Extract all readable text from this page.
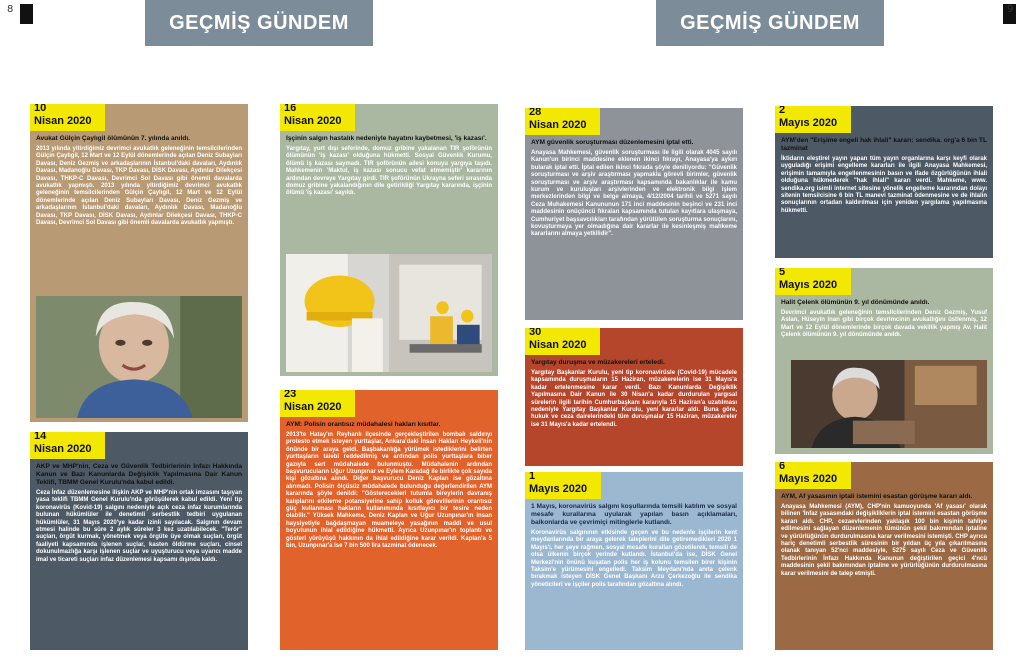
8	9
GEÇMİŞ GÜNDEM	GEÇMİŞ GÜNDEM
10
Nisan 2020
Avukat Gülçin Çaylıgil ölümünün 7. yılında anıldı.
2013 yılında yitirdiğimiz devrimci avukatlık geleneğinin temsilcilerinden Gülçin Çaylıgil, 12 Mart ve 12 Eylül dönemlerinde açılan Deniz Subayları Davası, Deniz Gezmiş ve arkadaşlarının İstanbul'daki davaları, Aydınlık Davası, Madanoğlu Davası, TKP Davası, DİSK Davası, Aydınlar Dilekçesi Davası, THKP-C Davası, Devrimci Sol Davası gibi önemli davalarda avukatlık yapmıştı. 2013 yılında yitirdiğimiz devrimci avukatlık geleneğinin temsilcilerinden Gülçin Çaylıgil, 12 Mart ve 12 Eylül dönemlerinde açılan Deniz Subayları Davası, Deniz Gezmiş ve arkadaşlarının İstanbul'daki davaları, Aydınlık Davası, Madanoğlu Davası, TKP Davası, DİSK Davası, Aydınlar Dilekçesi Davası, THKP-C Davası, Devrimci Sol Davası gibi önemli davalarda avukatlık yapmıştı.
14
Nisan 2020
AKP ve MHP'nin, Ceza ve Güvenlik Tedbirlerinin İnfazı Hakkında Kanun ve Bazı Kanunlarda Değişiklik Yapılmasına Dair Kanun Teklifi, TBMM Genel Kurulu'nda kabul edildi.
Ceza İnfaz düzenlemesine ilişkin AKP ve MHP'nin ortak imzasını taşıyan yasa teklifi TBMM Genel Kurulu'nda görüşülerek kabul edildi. Yeni tip koronavirüs (Kovid-19) salgını nedeniyle açık ceza infaz kurumlarında bulunan hükümlüler ile denetimli serbestlik tedbiri uygulanan hükümlüler, 31 Mayıs 2020'ye kadar izinli sayılacak. Salgının devam etmesi halinde bu süre 2 aylık süreler 3 kez uzatılabilecek. "Terör" suçları, örgüt kurmak, yönetmek veya örgüte üye olmak suçları, örgüt faaliyeti kapsamında işlenen suçlar, kasten öldürme suçları, cinsel dokunulmazlığa karşı işlenen suçlar ve uyuşturucu veya uyarıcı madde imal ve ticareti suçları infaz düzenlemesi kapsamı dışında kaldı.
16
Nisan 2020
İşçinin salgın hastalık nedeniyle hayatını kaybetmesi, 'iş kazası'.
Yargıtay, yurt dışı seferinde, domuz gribine yakalanan TIR şoförünün ölümünün 'iş kazası' olduğuna hükmetti. Sosyal Güvenlik Kurumu, ölümü iş kazası saymadı. TIR şoförünün ailesi konuyu yargıya taşıdı. Mahkemenin 'Maktul, iş kazası sonucu vefat etmemiştir' kararının ardından devreye Yargıtay girdi. TIR şoförünün Ukrayna seferi sırasında domuz gribine yakalandığının dile getirildiği Yargıtay kararında, işçinin ölümü 'iş kazası' sayıldı.
23
Nisan 2020
AYM: Polisin orantısız müdahalesi hakları kısıtlar.
2013'te Hatay'ın Reyhanlı ilçesinde gerçekleştirilen bombalı saldırıyı protesto etmek isteyen yurttaşlar, Ankara'daki İnsan Hakları Heykeli'nin önünde bir araya geldi. Başbakanlığa yürümek istediklerini belirten yurttaşların talebi reddedilmiş ve ardından polis yurttaşlara biber gazıyla sert müdahalede bulunmuştu. Müdahalenin ardından başvurucuların Uğur Uzunpınar ve Eylem Karadağ ile birlikte çok sayıda kişi gözaltına alındı. Diğer başvurucu Deniz Kaplan ise gözaltına alınmadı. Polisin ölçüsüz müdahalede bulunduğu değerlendirilen AYM kararında şöyle denildi: "Gösterecekleri tutumla bireylerin davranış kalıplarını etkileme potansiyeline sahip kolluk görevlilerinin orantısız güç kullanması hakların kullanımında kısıtlayıcı bir tesire neden olabilir." Yüksek Mahkeme, Deniz Kaplan ve Uğur Uzunpınar'ın insan haysiyetiyle bağdaşmayan muameleye yasağının maddi ve usul boyutunun ihlal edildiğine hükmetti. Ayrıca Uzunpınar'ın toplantı ve gösteri yürüyüşü hakkının da ihlal edildiğine karar verildi. Kaplan'a 5 bin, Uzunpınar'a ise 7 bin 500 lira tazminat ödenecek.
28
Nisan 2020
AYM güvenlik soruşturması düzenlemesini iptal etti.
Anayasa Mahkemesi, güvenlik soruşturması ile ilgili olarak 4045 sayılı Kanun'un birinci maddesine eklenen ikinci fıkrayı, Anayasa'ya aykırı bularak iptal etti. İptal edilen ikinci fıkrada şöyle deniliyordu: "Güvenlik soruşturması ve arşiv araştırması yapmakla görevli birimler, güvenlik soruşturması ve arşiv araştırması kapsamında bakanlıklar ile kamu kurum ve kuruluşları arşivlerinden ve elektronik bilgi işlem merkezlerinden bilgi ve belge almaya, 4/12/2004 tarihli ve 5271 sayılı Ceza Muhakemesi Kanununun 171 inci maddesinin beşinci ve 231 inci maddesinin onüçüncü fıkraları kapsamında tutulan kayıtlara ulaşmaya, Cumhuriyet başsavcılıkları tarafından yürütülen soruşturma sonuçlarını, kovuşturmaya yer olmadığına dair kararlar ile kesinleşmiş mahkeme kararlarını almaya yetkilidir".
30
Nisan 2020
Yargıtay duruşma ve müzakereleri erteledi.
Yargıtay Başkanlar Kurulu, yeni tip koronavirüsle (Covid-19) mücadele kapsamında duruşmaların 15 Haziran, müzakerelerin ise 31 Mayıs'a kadar ertelenmesine karar verdi. Bazı Kanunlarda Değişiklik Yapılmasına Dair Kanun ile 30 Nisan'a kadar durdurulan yargısal sürelerin ilgili tarihin Cumhurbaşkanı kararıyla 15 Haziran'a uzatılması nedeniyle Yargıtay Başkanlar Kurulu, yeni kararlar aldı. Buna göre, hukuk ve ceza dairelerindeki tüm duruşmalar 15 Haziran, müzakereler ise 31 Mayıs'a kadar ertelendi.
1
Mayıs 2020
1 Mayıs, koronavirüs salgını koşullarında temsili katılım ve sosyal mesafe kurallarına uyularak yapılan basın açıklamaları, balkonlarda ve çevrimiçi mitinglerle kutlandı.
Koronavirüs salgınının etkisinde geçen ve bu nedenle işçilerin kent meydanlarında bir araya gelerek taleplerini dile getiremedikleri 2020 1 Mayıs'ı, her şeye rağmen, sosyal mesafe kuralları gözetilerek, temsili de olsa ülkenin birçok yerinde kutlandı. İstanbul'da ise, DİSK Genel Merkezi'nin önünü kuşatan polis her iş kolunu temsilen birer kişinin Taksim'e yürümesini engelledi. Taksim Meydanı'nda anıta çelenk bırakmak isteyen DİSK Genel Başkanı Arzu Çerkezoğlu ile sendika yöneticileri ve işçiler polis tarafından gözaltına alındı.
2
Mayıs 2020
AYM'den "Erişime engeli hak ihlali" kararı: sendika. org'a 6 bin TL tazminat
İktidarın eleştirel yayın yapan tüm yayın organlarına karşı keyfi olarak uyguladığı erişimi engelleme kararları ile ilgili Anayasa Mahkemesi, erişimin tamamıyla engellenmesinin basın ve ifade özgürlüğünün ihlali olduğuna hükmederek "hak ihlali" kararı verdi. Mahkeme, www. sendika.org isimli internet sitesine yönelik engelleme kararından dolayı sitenin temsilcisine 6 bin TL manevi tazminat ödenmesine ve de ihlalin sonuçlarının ortadan kaldırılması için yeniden yargılama yapılmasına hükmetti.
5
Mayıs 2020
Halit Çelenk ölümünün 9. yıl dönümünde anıldı.
Devrimci avukatlık geleneğinin temsilcilerinden Deniz Gezmiş, Yusuf Aslan, Hüseyin inan gibi birçok devrimcinin avukatlığını üstlenmiş, 12 Mart ve 12 Eylül dönemlerinde birçok davada vekillik yapmış Av. Halit Çelenk ölümünün 9. yıl dönümünde anıldı.
6
Mayıs 2020
AYM, Af yasasının iptali istemini esastan görüşme kararı aldı.
Anayasa Mahkemesi (AYM), CHP'nin kamuoyunda 'Af yasası' olarak bilinen 'İnfaz yasasındaki değişikliklerin iptal istemini esastan görüşme kararı aldı. CHP, cezaevlerinden yaklaşık 100 bin kişinin tahliye edilmesini sağlayan düzenlemenin tümünün şekil bakımından iptaline ve yürürlüğünün durdurulmasına karar verilmesini istemişti. CHP ayrıca hariç denetimli serbestlik süresinin bir yıldan üç yıla çıkarılmasına olanak tanıyan 52'nci maddesiyle, 5275 sayılı Ceza ve Güvenlik Tedbirlerinin İnfazı Hakkında Kanunun değiştirilen geçici 4'ncü maddesinin şekil bakımından iptaline ve yürürlüğünün durdurulmasına karar verilmesini de talep etmişti.
